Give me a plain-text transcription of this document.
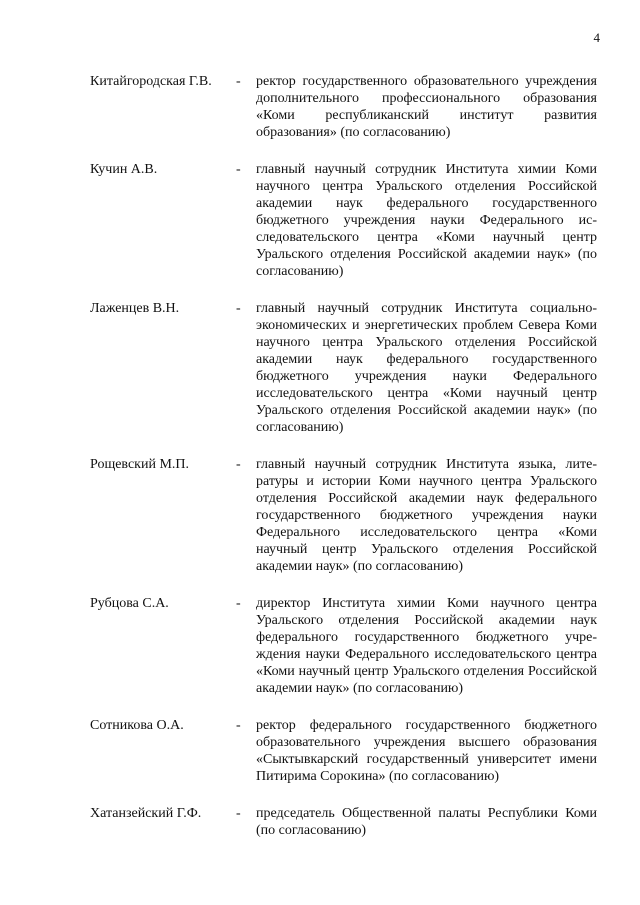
4
Китайгородская Г.В. - ректор государственного образовательного учреждения дополнительного профессионального образования «Коми республиканский институт развития образования» (по согласованию)
Кучин А.В.	- главный научный сотрудник Института химии Коми научного центра Уральского отделения Российской академии наук федерального государственного бюджетного учреждения науки Федерального исследовательского центра «Коми научный центр Уральского отделения Российской академии наук» (по согласованию)
Лаженцев В.Н.	- главный научный сотрудник Института социально-экономических и энергетических проблем Севера Коми научного центра Уральского отделения Российской академии наук федерального государственного бюджетного учреждения науки Федерального исследовательского центра «Коми научный центр Уральского отделения Российской академии наук» (по согласованию)
Рощевский М.П.	- главный научный сотрудник Института языка, литературы и истории Коми научного центра Уральского отделения Российской академии наук федерального государственного бюджетного учреждения науки Федерального исследовательского центра «Коми научный центр Уральского отделения Российской академии наук» (по согласованию)
Рубцова С.А.	- директор Института химии Коми научного центра Уральского отделения Российской академии наук федерального государственного бюджетного учреждения науки Федерального исследовательского центра «Коми научный центр Уральского отделения Российской академии наук» (по согласованию)
Сотникова О.А.	- ректор федерального государственного бюджетного образовательного учреждения высшего образования «Сыктывкарский государственный университет имени Питирима Сорокина» (по согласованию)
Хатанзейский Г.Ф. - председатель Общественной палаты Республики Коми (по согласованию)
